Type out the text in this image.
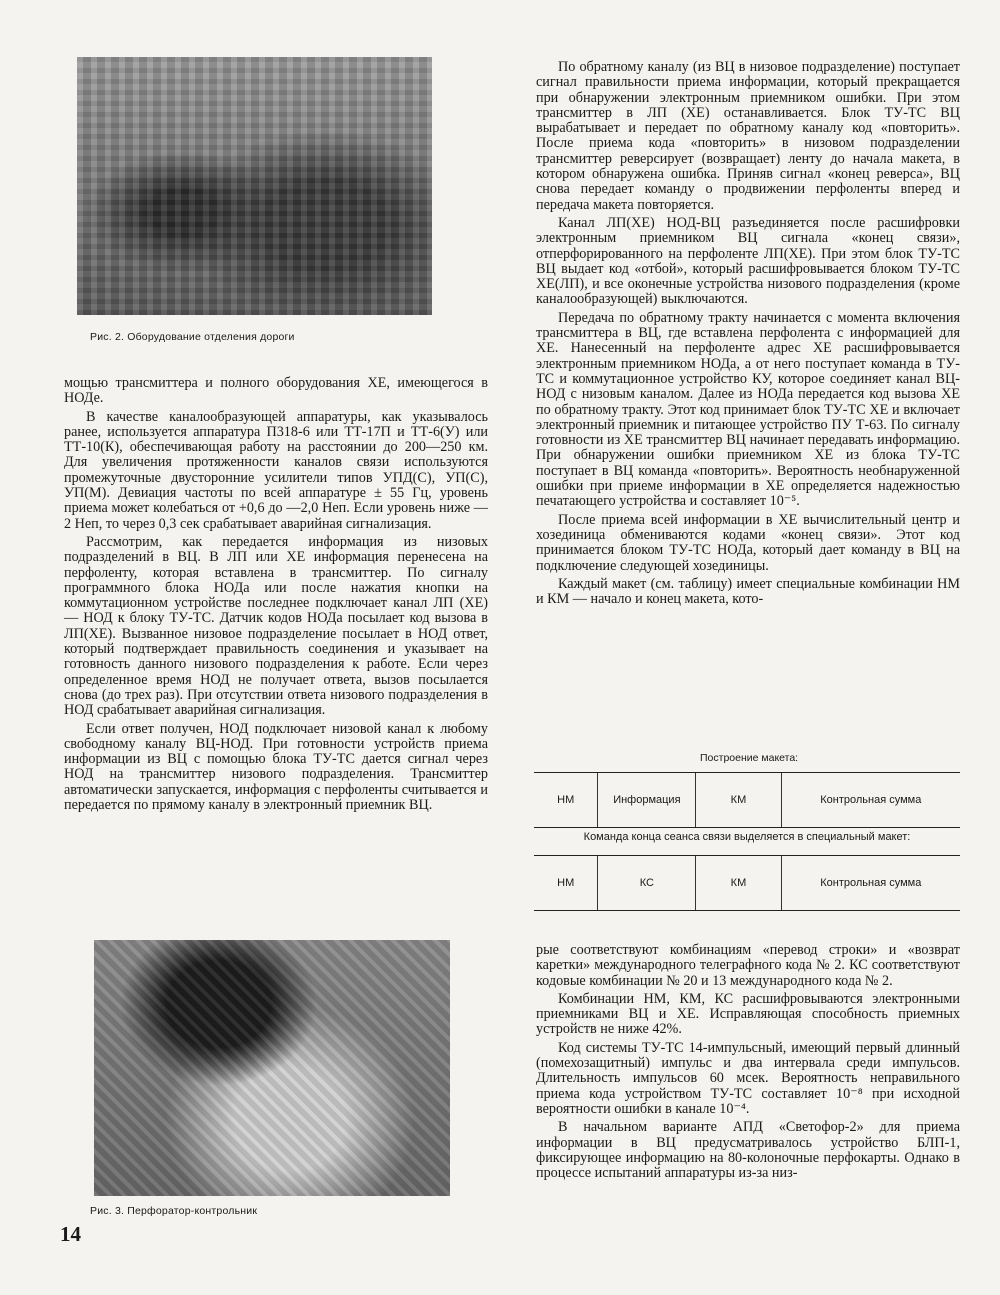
Рис. 2. Оборудование отделения дороги

мощью трансмиттера и полного оборудования ХЕ, имеющегося в НОДе.

В качестве каналообразующей аппаратуры, как указывалось ранее, используется аппаратура П318-6 или ТТ-17П и ТТ-6(У) или ТТ-10(К), обеспечивающая работу на расстоянии до 200—250 км. Для увеличения протяженности каналов связи используются промежуточные двусторонние усилители типов УПД(С), УП(С), УП(М). Девиация частоты по всей аппаратуре ± 55 Гц, уровень приема может колебаться от +0,6 до —2,0 Неп. Если уровень ниже —2 Неп, то через 0,3 сек срабатывает аварийная сигнализация.

Рассмотрим, как передается информация из низовых подразделений в ВЦ. В ЛП или ХЕ информация перенесена на перфоленту, которая вставлена в трансмиттер. По сигналу программного блока НОДа или после нажатия кнопки на коммутационном устройстве последнее подключает канал ЛП (ХЕ) — НОД к блоку ТУ-ТС. Датчик кодов НОДа посылает код вызова в ЛП(ХЕ). Вызванное низовое подразделение посылает в НОД ответ, который подтверждает правильность соединения и указывает на готовность данного низового подразделения к работе. Если через определенное время НОД не получает ответа, вызов посылается снова (до трех раз). При отсутствии ответа низового подразделения в НОД срабатывает аварийная сигнализация.

Если ответ получен, НОД подключает низовой канал к любому свободному каналу ВЦ-НОД. При готовности устройств приема информации из ВЦ с помощью блока ТУ-ТС дается сигнал через НОД на трансмиттер низового подразделения. Трансмиттер автоматически запускается, информация с перфоленты считывается и передается по прямому каналу в электронный приемник ВЦ.

По обратному каналу (из ВЦ в низовое подразделение) поступает сигнал правильности приема информации, который прекращается при обнаружении электронным приемником ошибки. При этом трансмиттер в ЛП (ХЕ) останавливается. Блок ТУ-ТС ВЦ вырабатывает и передает по обратному каналу код «повторить». После приема кода «повторить» в низовом подразделении трансмиттер реверсирует (возвращает) ленту до начала макета, в котором обнаружена ошибка. Приняв сигнал «конец реверса», ВЦ снова передает команду о продвижении перфоленты вперед и передача макета повторяется.

Канал ЛП(ХЕ) НОД-ВЦ разъединяется после расшифровки электронным приемником ВЦ сигнала «конец связи», отперфорированного на перфоленте ЛП(ХЕ). При этом блок ТУ-ТС ВЦ выдает код «отбой», который расшифровывается блоком ТУ-ТС ХЕ(ЛП), и все оконечные устройства низового подразделения (кроме каналообразующей) выключаются.

Передача по обратному тракту начинается с момента включения трансмиттера в ВЦ, где вставлена перфолента с информацией для ХЕ. Нанесенный на перфоленте адрес ХЕ расшифровывается электронным приемником НОДа, а от него поступает команда в ТУ-ТС и коммутационное устройство КУ, которое соединяет канал ВЦ-НОД с низовым каналом. Далее из НОДа передается код вызова ХЕ по обратному тракту. Этот код принимает блок ТУ-ТС ХЕ и включает электронный приемник и питающее устройство ПУ Т-63. По сигналу готовности из ХЕ трансмиттер ВЦ начинает передавать информацию. При обнаружении ошибки приемником ХЕ из блока ТУ-ТС поступает в ВЦ команда «повторить». Вероятность необнаруженной ошибки при приеме информации в ХЕ определяется надежностью печатающего устройства и составляет 10⁻⁵.

После приема всей информации в ХЕ вычислительный центр и хозединица обмениваются кодами «конец связи». Этот код принимается блоком ТУ-ТС НОДа, который дает команду в ВЦ на подключение следующей хозединицы.

Каждый макет (см. таблицу) имеет специальные комбинации НМ и КМ — начало и конец макета, кото-

Построение макета:
НМ	Информация	КМ	Контрольная сумма
Команда конца сеанса связи выделяется в специальный макет:
НМ	КС	КМ	Контрольная сумма

рые соответствуют комбинациям «перевод строки» и «возврат каретки» международного телеграфного кода № 2. КС соответствуют кодовые комбинации № 20 и 13 международного кода № 2.

Комбинации НМ, КМ, КС расшифровываются электронными приемниками ВЦ и ХЕ. Исправляющая способность приемных устройств не ниже 42%.

Код системы ТУ-ТС 14-импульсный, имеющий первый длинный (помехозащитный) импульс и два интервала среди импульсов. Длительность импульсов 60 мсек. Вероятность неправильного приема кода устройством ТУ-ТС составляет 10⁻⁸ при исходной вероятности ошибки в канале 10⁻⁴.

В начальном варианте АПД «Светофор-2» для приема информации в ВЦ предусматривалось устройство БЛП-1, фиксирующее информацию на 80-колоночные перфокарты. Однако в процессе испытаний аппаратуры из-за низ-

Рис. 3. Перфоратор-контрольник
14
